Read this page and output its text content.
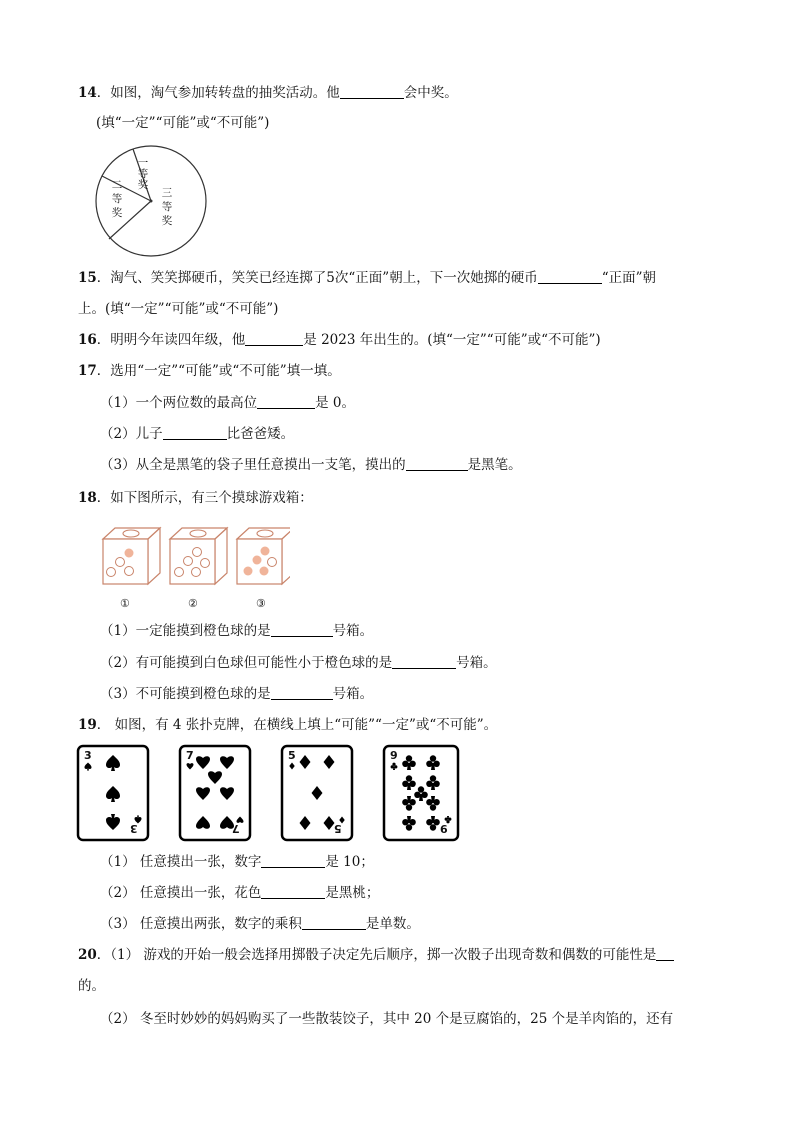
14．如图，淘气参加转转盘的抽奖活动。他	会中奖。
(填“一定”“可能”或“不可能”)
一等奖
二等奖
三等奖
15．淘气、笑笑掷硬币，笑笑已经连掷了5次“正面”朝上，下一次她掷的硬币	“正面”朝
上。(填“一定”“可能”或“不可能”)
16．明明今年读四年级，他	是 2023 年出生的。(填“一定”“可能”或“不可能”)
17．选用“一定”“可能”或“不可能”填一填。
（1）一个两位数的最高位	是 0。
（2）儿子	比爸爸矮。
（3）从全是黑笔的袋子里任意摸出一支笔，摸出的	是黑笔。
18．如下图所示，有三个摸球游戏箱：
①	②	③
（1）一定能摸到橙色球的是	号箱。
（2）有可能摸到白色球但可能性小于橙色球的是	号箱。
（3）不可能摸到橙色球的是	号箱。
19． 如图，有 4 张扑克牌，在横线上填上“可能”“一定”或“不可能”。
3	7	5	9
3	7	5	9
（1） 任意摸出一张，数字	是 10；
（2） 任意摸出一张，花色	是黑桃；
（3） 任意摸出两张，数字的乘积	是单数。
20．（1） 游戏的开始一般会选择用掷骰子决定先后顺序，掷一次骰子出现奇数和偶数的可能性是
的。
（2） 冬至时妙妙的妈妈购买了一些散装饺子，其中 20 个是豆腐馅的，25 个是羊肉馅的，还有
